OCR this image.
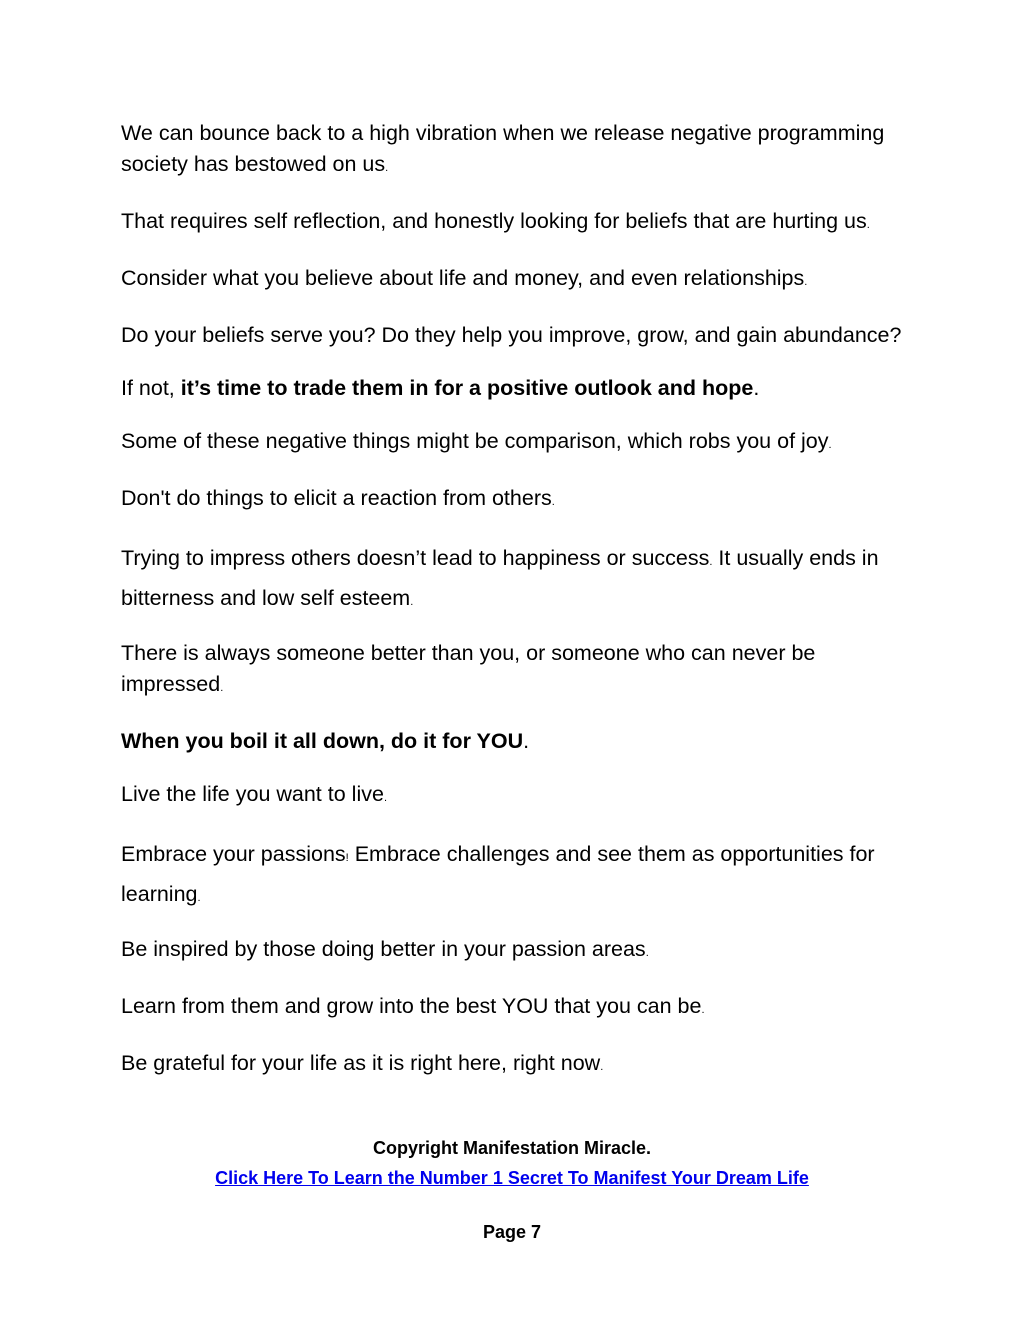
We can bounce back to a high vibration when we release negative programming society has bestowed on us.

That requires self reflection, and honestly looking for beliefs that are hurting us.

Consider what you believe about life and money, and even relationships.

Do your beliefs serve you? Do they help you improve, grow, and gain abundance?

If not, it’s time to trade them in for a positive outlook and hope.

Some of these negative things might be comparison, which robs you of joy.

Don't do things to elicit a reaction from others.

Trying to impress others doesn’t lead to happiness or success. It usually ends in bitterness and low self esteem.

There is always someone better than you, or someone who can never be impressed.

When you boil it all down, do it for YOU.

Live the life you want to live.

Embrace your passions! Embrace challenges and see them as opportunities for learning.

Be inspired by those doing better in your passion areas.

Learn from them and grow into the best YOU that you can be.

Be grateful for your life as it is right here, right now.

Copyright Manifestation Miracle.
Click Here To Learn the Number 1 Secret To Manifest Your Dream Life
Page 7
